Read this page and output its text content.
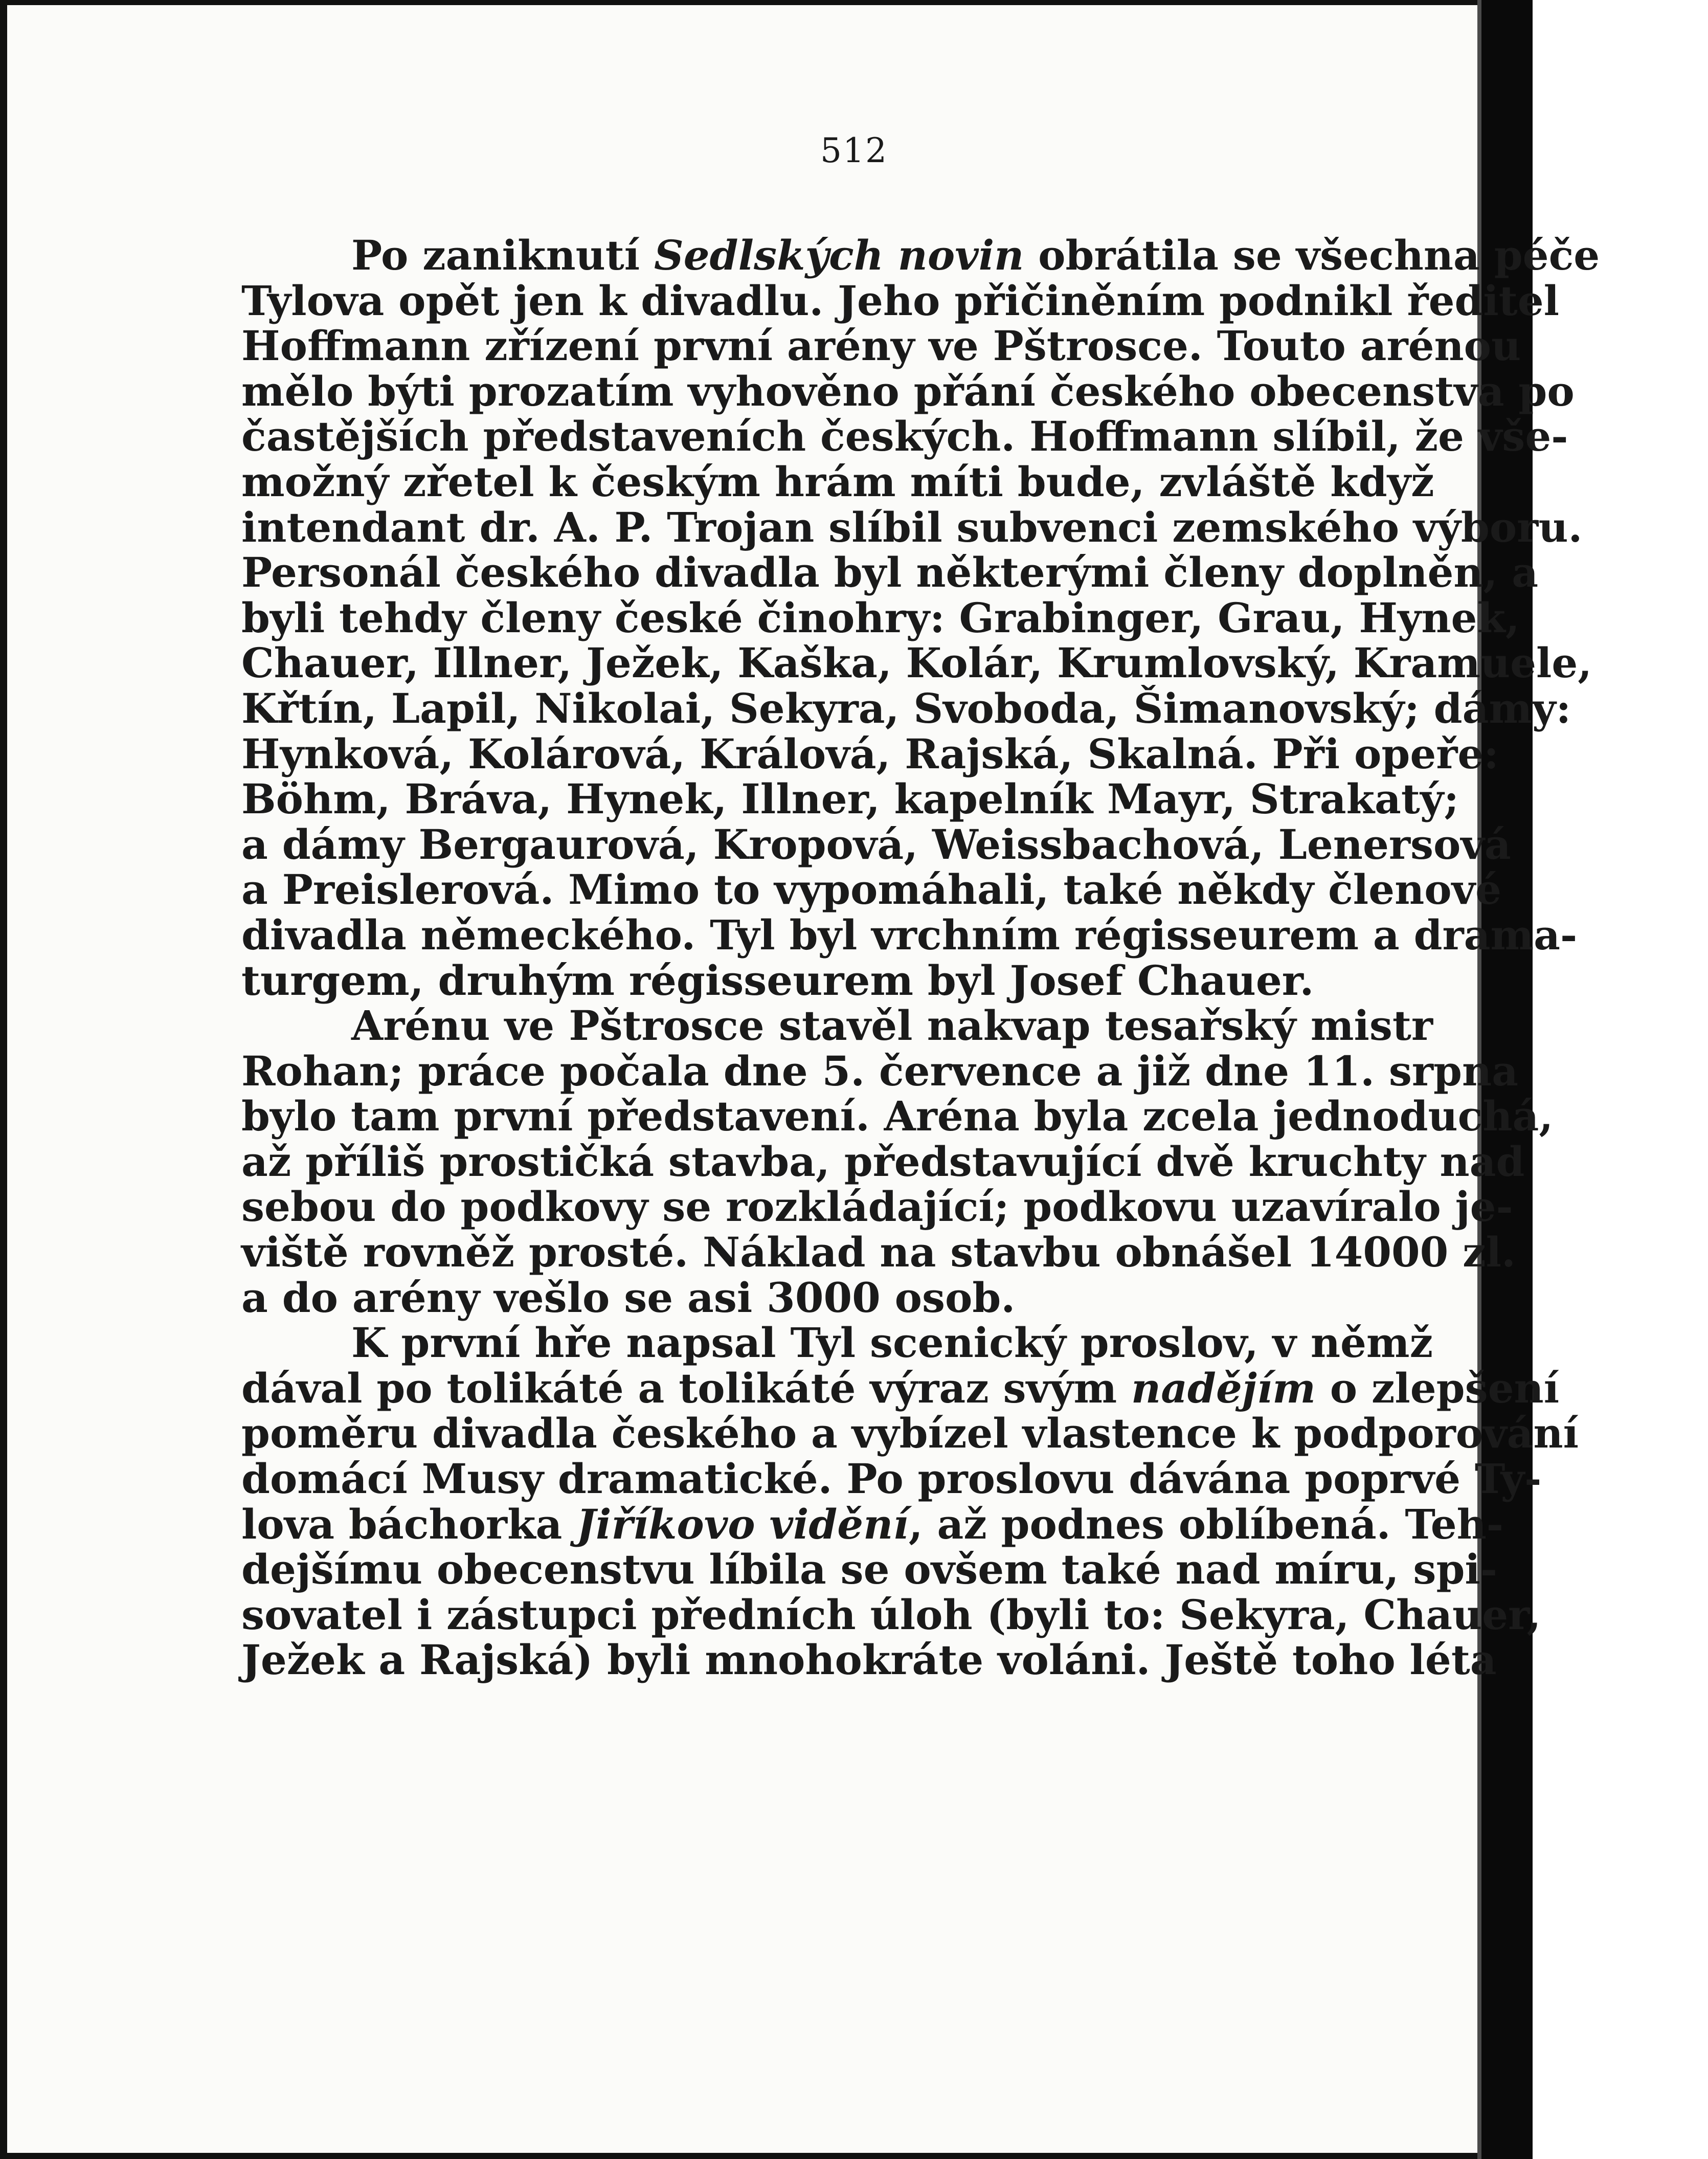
512
Po zaniknutí Sedlských novin obrátila se všechna péče
Tylova opět jen k divadlu. Jeho přičiněním podnikl ředitel
Hoffmann zřízení první arény ve Pštrosce. Touto arénou
mělo býti prozatím vyhověno přání českého obecenstva po
častějších představeních českých. Hoffmann slíbil, že vše-
možný zřetel k českým hrám míti bude, zvláště když
intendant dr. A. P. Trojan slíbil subvenci zemského výboru.
Personál českého divadla byl některými členy doplněn, a
byli tehdy členy české činohry: Grabinger, Grau, Hynek,
Chauer, Illner, Ježek, Kaška, Kolár, Krumlovský, Kramuele,
Křtín, Lapil, Nikolai, Sekyra, Svoboda, Šimanovský; dámy:
Hynková, Kolárová, Králová, Rajská, Skalná. Při opeře:
Böhm, Bráva, Hynek, Illner, kapelník Mayr, Strakatý;
a dámy Bergaurová, Kropová, Weissbachová, Lenersová
a Preislerová. Mimo to vypomáhali, také někdy členové
divadla německého. Tyl byl vrchním régisseurem a drama-
turgem, druhým régisseurem byl Josef Chauer.
Arénu ve Pštrosce stavěl nakvap tesařský mistr
Rohan; práce počala dne 5. července a již dne 11. srpna
bylo tam první představení. Aréna byla zcela jednoduchá,
až příliš prostičká stavba, představující dvě kruchty nad
sebou do podkovy se rozkládající; podkovu uzavíralo je-
viště rovněž prosté. Náklad na stavbu obnášel 14000 zl.
a do arény vešlo se asi 3000 osob.
K první hře napsal Tyl scenický proslov, v němž
dával po tolikáté a tolikáté výraz svým nadějím o zlepšení
poměru divadla českého a vybízel vlastence k podporování
domácí Musy dramatické. Po proslovu dávána poprvé Ty-
lova báchorka Jiříkovo vidění, až podnes oblíbená. Teh-
dejšímu obecenstvu líbila se ovšem také nad míru, spi-
sovatel i zástupci předních úloh (byli to: Sekyra, Chauer,
Ježek a Rajská) byli mnohokráte voláni. Ještě toho léta
